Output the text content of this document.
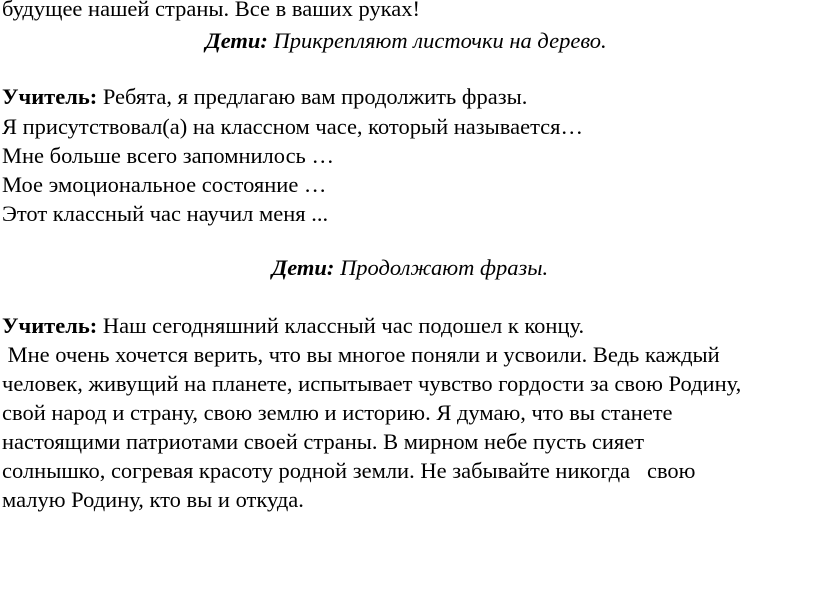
будущее нашей страны. Все в ваших руках!
Дети: Прикрепляют листочки на дерево.
Учитель: Ребята, я предлагаю вам продолжить фразы.
Я присутствовал(а) на классном часе, который называется…
Мне больше всего запомнилось …
Мое эмоциональное состояние …
Этот классный час научил меня ...
Дети: Продолжают фразы.
Учитель: Наш сегодняшний классный час подошел к концу.
Мне очень хочется верить, что вы многое поняли и усвоили. Ведь каждый
человек, живущий на планете, испытывает чувство гордости за свою Родину,
свой народ и страну, свою землю и историю. Я думаю, что вы станете
настоящими патриотами своей страны. В мирном небе пусть сияет
солнышко, согревая красоту родной земли. Не забывайте никогда   свою
малую Родину, кто вы и откуда.
